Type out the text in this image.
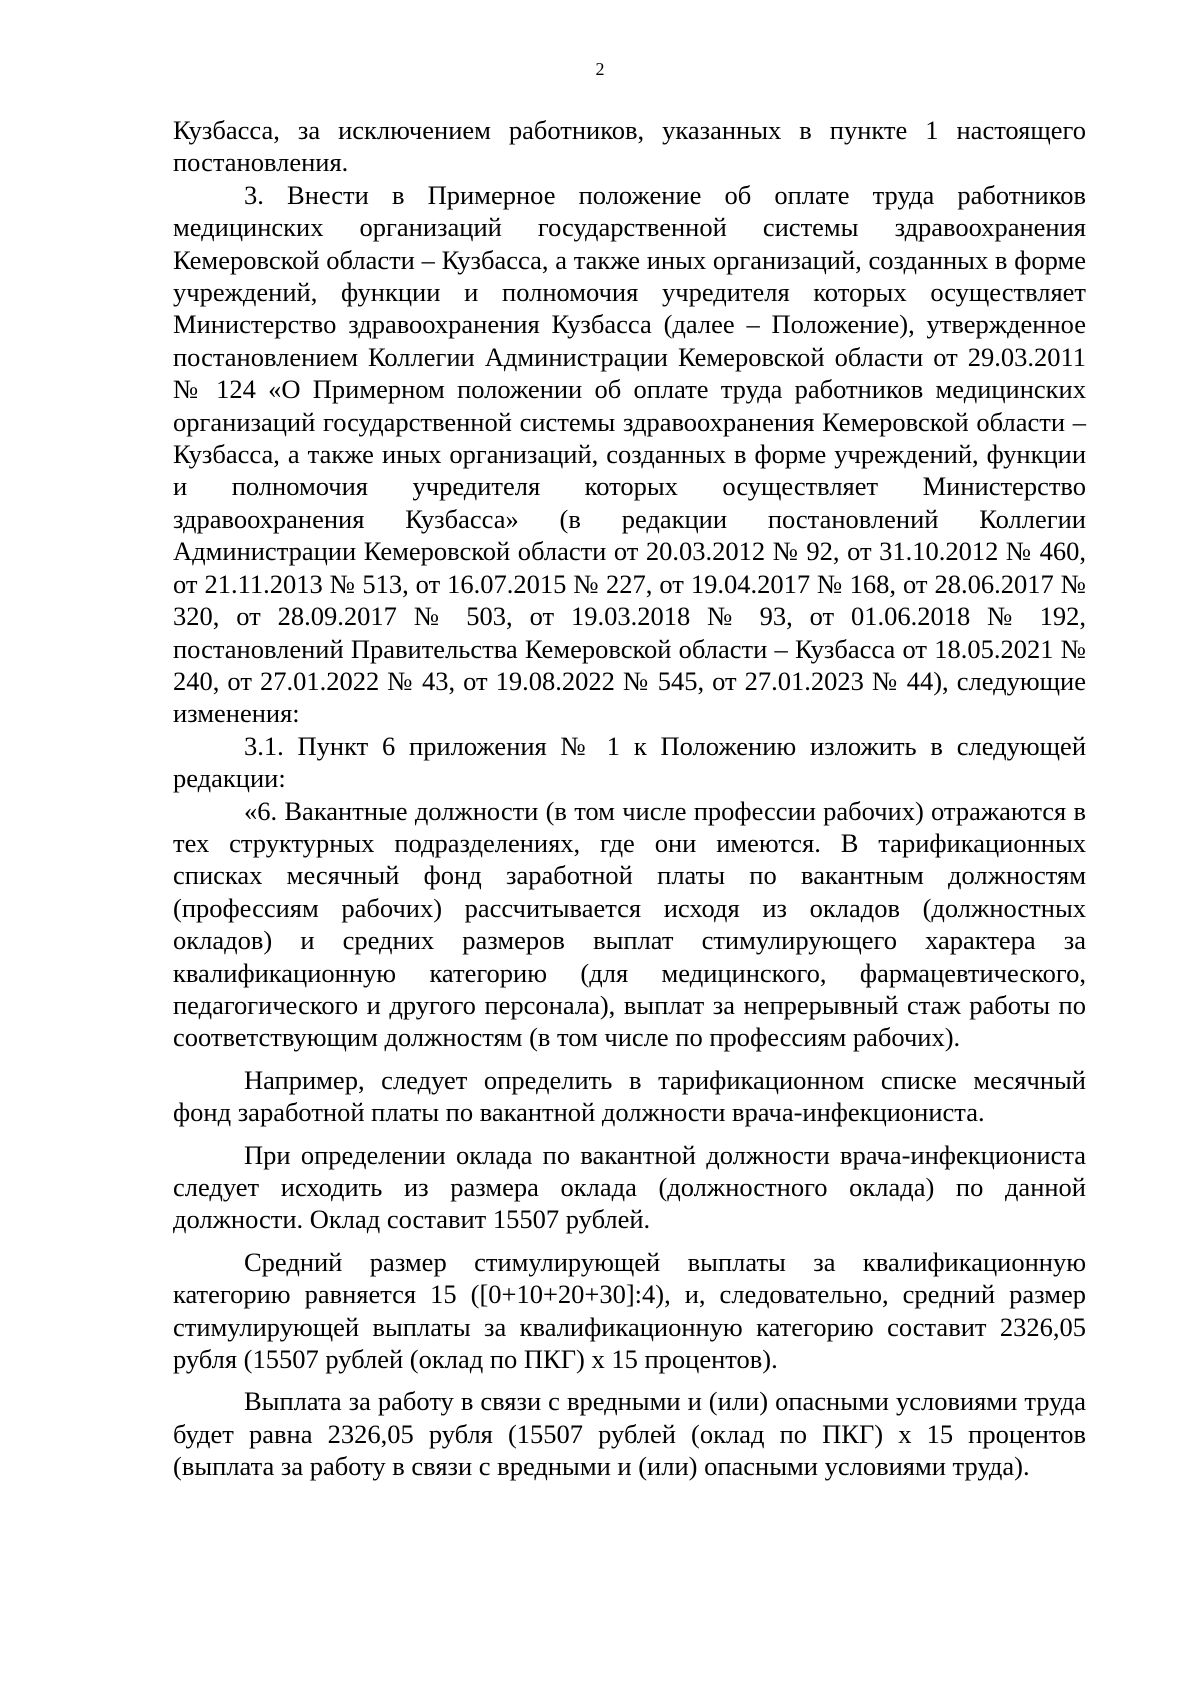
2

Кузбасса, за исключением работников, указанных в пункте 1 настоящего постановления.

3. Внести в Примерное положение об оплате труда работников медицинских организаций государственной системы здравоохранения Кемеровской области – Кузбасса, а также иных организаций, созданных в форме учреждений, функции и полномочия учредителя которых осуществляет Министерство здравоохранения Кузбасса (далее – Положение), утвержденное постановлением Коллегии Администрации Кемеровской области от 29.03.2011 № 124 «О Примерном положении об оплате труда работников медицинских организаций государственной системы здравоохранения Кемеровской области – Кузбасса, а также иных организаций, созданных в форме учреждений, функции и полномочия учредителя которых осуществляет Министерство здравоохранения Кузбасса» (в редакции постановлений Коллегии Администрации Кемеровской области от 20.03.2012 № 92, от 31.10.2012 № 460, от 21.11.2013 № 513, от 16.07.2015 № 227, от 19.04.2017 № 168, от 28.06.2017 № 320, от 28.09.2017 № 503, от 19.03.2018 № 93, от 01.06.2018 № 192, постановлений Правительства Кемеровской области – Кузбасса от 18.05.2021 № 240, от 27.01.2022 № 43, от 19.08.2022 № 545, от 27.01.2023 № 44), следующие изменения:

3.1. Пункт 6 приложения № 1 к Положению изложить в следующей редакции:

«6. Вакантные должности (в том числе профессии рабочих) отражаются в тех структурных подразделениях, где они имеются. В тарификационных списках месячный фонд заработной платы по вакантным должностям (профессиям рабочих) рассчитывается исходя из окладов (должностных окладов) и средних размеров выплат стимулирующего характера за квалификационную категорию (для медицинского, фармацевтического, педагогического и другого персонала), выплат за непрерывный стаж работы по соответствующим должностям (в том числе по профессиям рабочих).

Например, следует определить в тарификационном списке месячный фонд заработной платы по вакантной должности врача-инфекциониста.

При определении оклада по вакантной должности врача-инфекциониста следует исходить из размера оклада (должностного оклада) по данной должности. Оклад составит 15507 рублей.

Средний размер стимулирующей выплаты за квалификационную категорию равняется 15 ([0+10+20+30]:4), и, следовательно, средний размер стимулирующей выплаты за квалификационную категорию составит 2326,05 рубля (15507 рублей (оклад по ПКГ) х 15 процентов).

Выплата за работу в связи с вредными и (или) опасными условиями труда будет равна 2326,05 рубля (15507 рублей (оклад по ПКГ) х 15 процентов (выплата за работу в связи с вредными и (или) опасными условиями труда).
